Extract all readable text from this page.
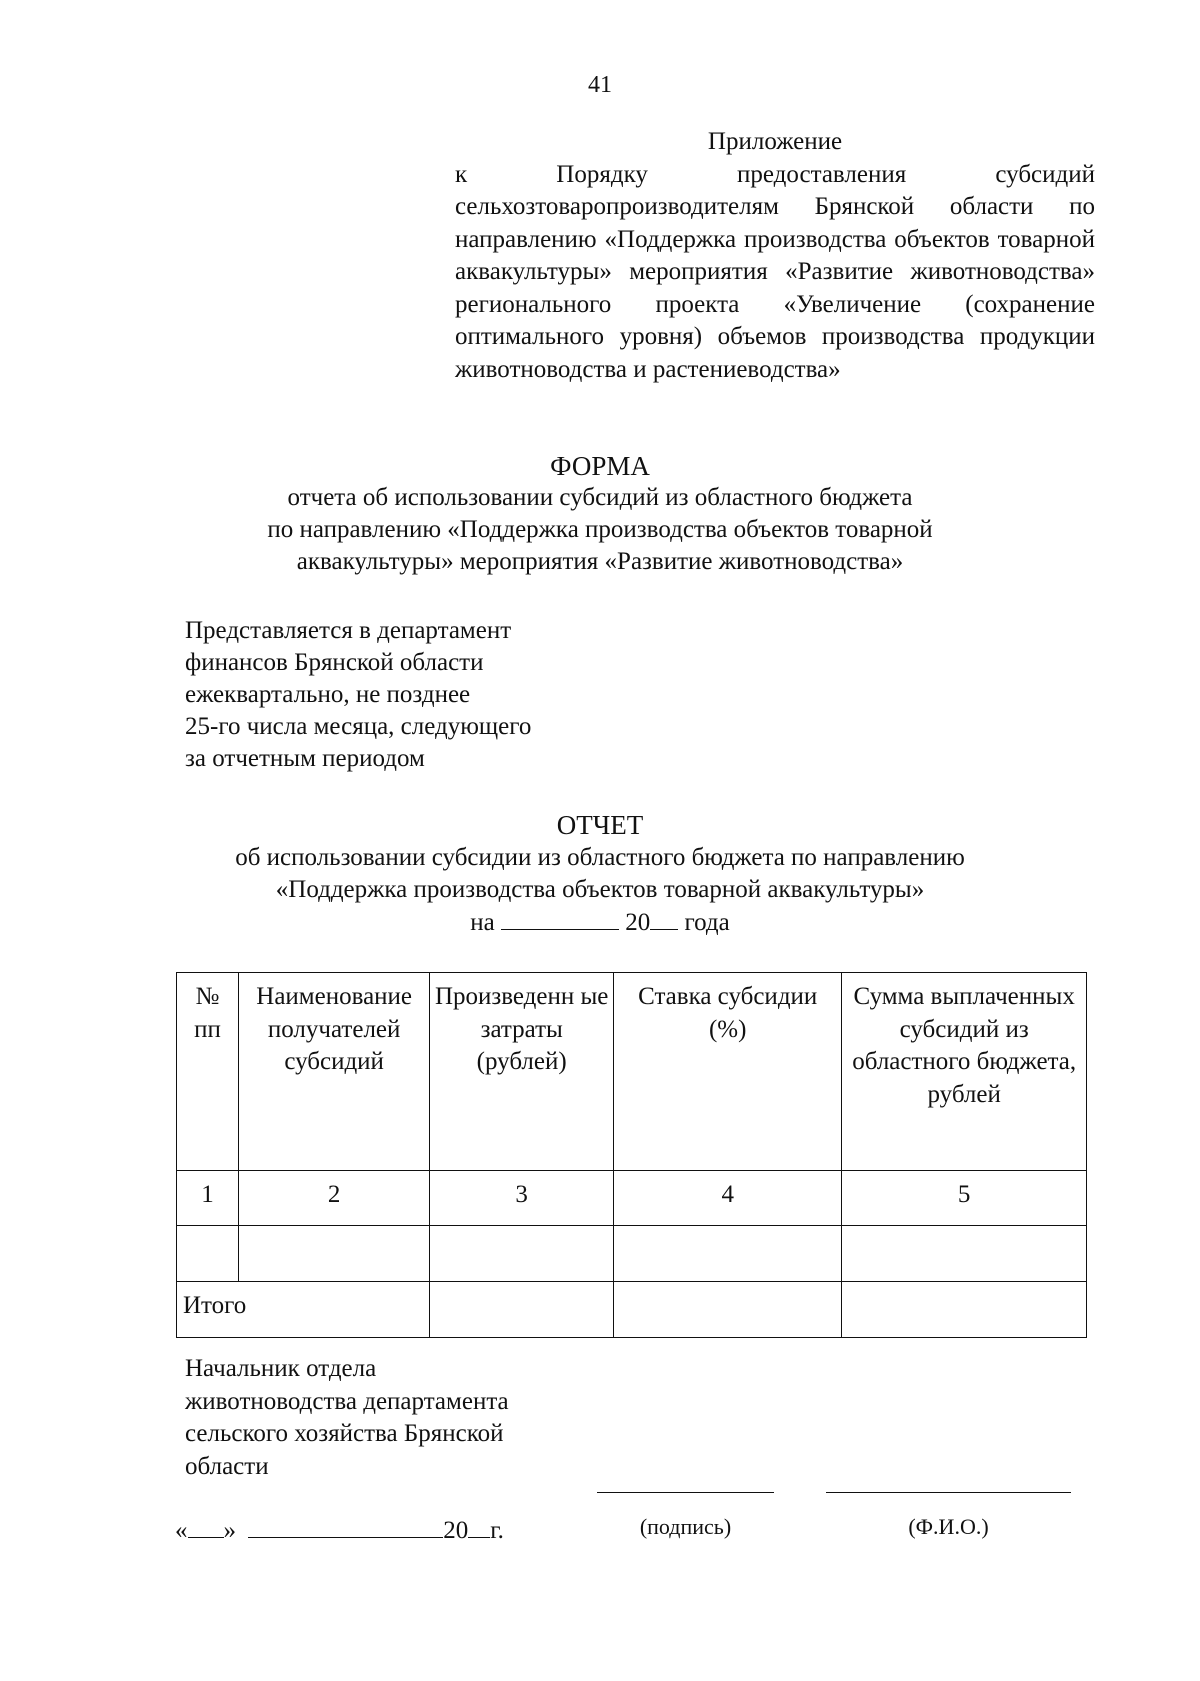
41
Приложение
к Порядку предоставления субсидий сельхозтоваропроизводителям Брянской области по направлению «Поддержка производства объектов товарной аквакультуры» мероприятия «Развитие животноводства» регионального проекта «Увеличение (сохранение оптимального уровня) объемов производства продукции животноводства и растениеводства»
ФОРМА
отчета об использовании субсидий из областного бюджета
по направлению «Поддержка производства объектов товарной
аквакультуры» мероприятия «Развитие животноводства»
Представляется в департамент
финансов Брянской области
ежеквартально, не позднее
25-го числа месяца, следующего
за отчетным периодом
ОТЧЕТ
об использовании субсидии из областного бюджета по направлению
«Поддержка производства объектов товарной аквакультуры»
на	20 года
№ пп	Наименование получателей субсидий	Произведенн ые затраты (рублей)	Ставка субсидии (%)	Сумма выплаченных субсидий из областного бюджета, рублей
1	2	3	4	5

Итого				
Начальник отдела
животноводства департамента
сельского хозяйства Брянской
области
« »	20 г.	(подпись)	(Ф.И.О.)
